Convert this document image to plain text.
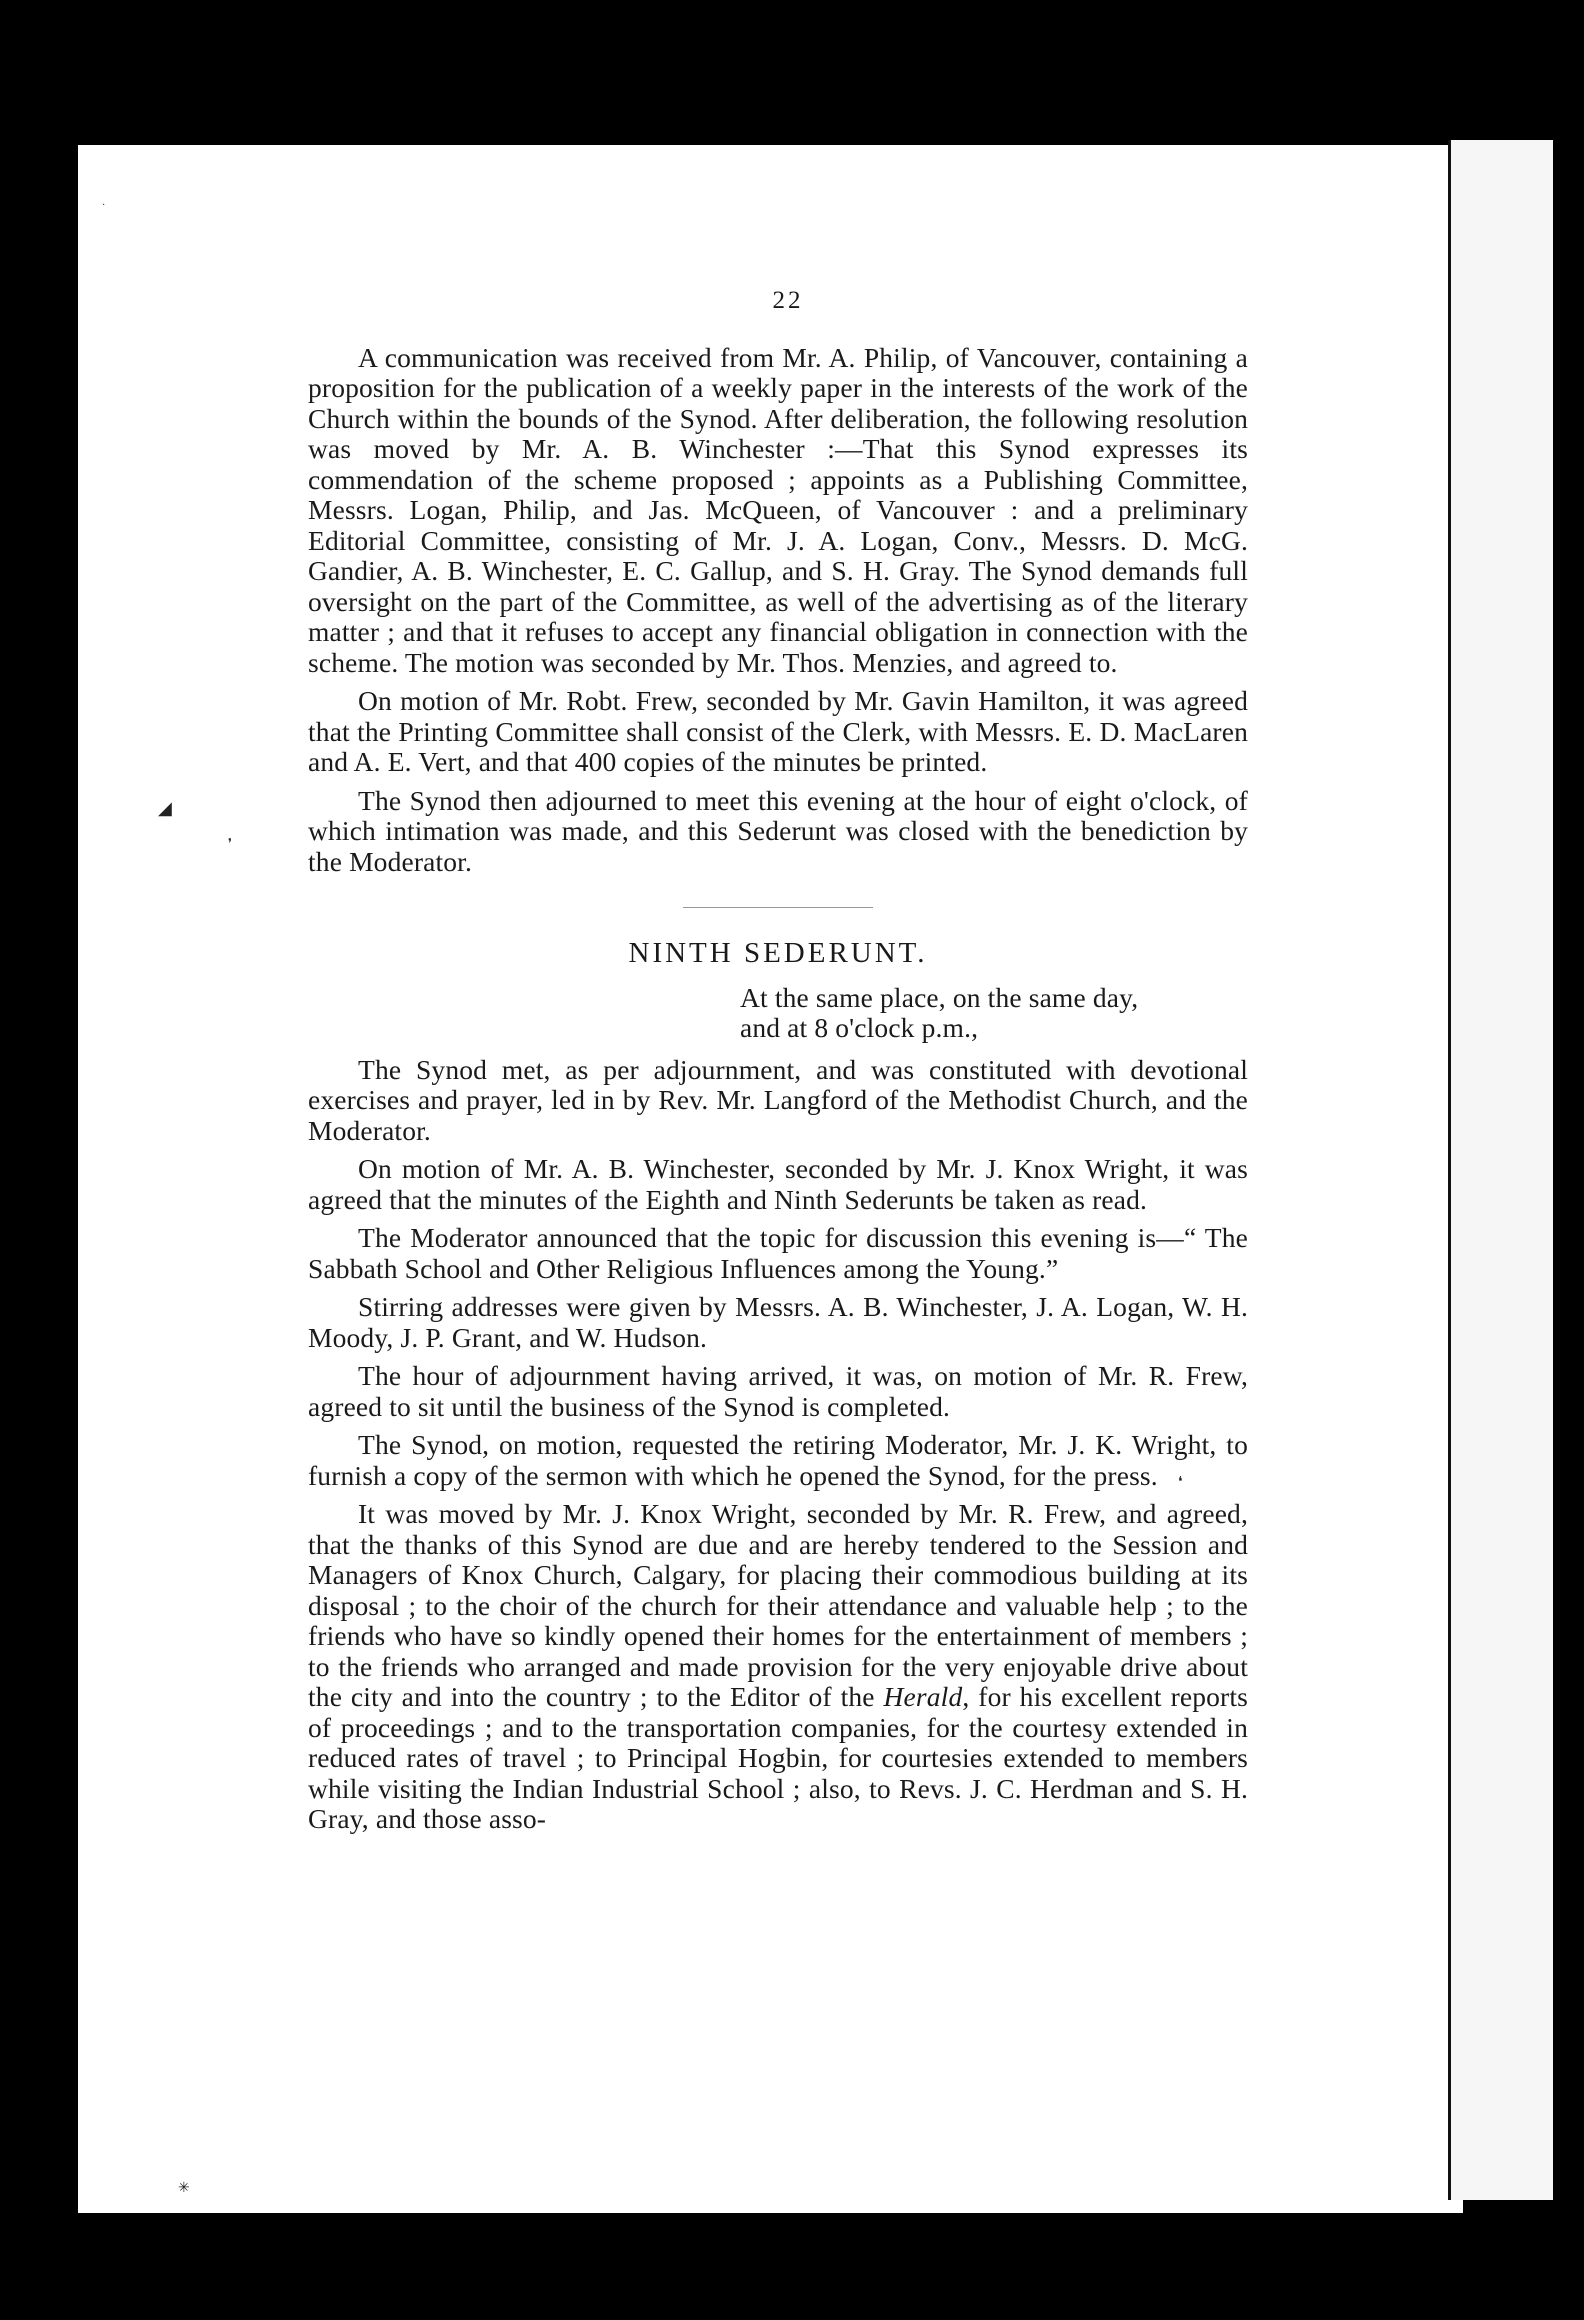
◢
❜
·
✳
❛
22

A communication was received from Mr. A. Philip, of Vancouver, containing a proposition for the publication of a weekly paper in the interests of the work of the Church within the bounds of the Synod. After deliberation, the following resolution was moved by Mr. A. B. Winchester :—That this Synod expresses its commendation of the scheme proposed ; appoints as a Publishing Committee, Messrs. Logan, Philip, and Jas. McQueen, of Vancouver : and a preliminary Editorial Committee, consisting of Mr. J. A. Logan, Conv., Messrs. D. McG. Gandier, A. B. Winchester, E. C. Gallup, and S. H. Gray. The Synod demands full oversight on the part of the Committee, as well of the advertising as of the literary matter ; and that it refuses to accept any financial obligation in connection with the scheme. The motion was seconded by Mr. Thos. Menzies, and agreed to.

On motion of Mr. Robt. Frew, seconded by Mr. Gavin Hamilton, it was agreed that the Printing Committee shall consist of the Clerk, with Messrs. E. D. MacLaren and A. E. Vert, and that 400 copies of the minutes be printed.

The Synod then adjourned to meet this evening at the hour of eight o'clock, of which intimation was made, and this Sederunt was closed with the benediction by the Moderator.

NINTH SEDERUNT.
At the same place, on the same day,
and at 8 o'clock p.m.,

The Synod met, as per adjournment, and was constituted with devotional exercises and prayer, led in by Rev. Mr. Langford of the Methodist Church, and the Moderator.

On motion of Mr. A. B. Winchester, seconded by Mr. J. Knox Wright, it was agreed that the minutes of the Eighth and Ninth Sederunts be taken as read.

The Moderator announced that the topic for discussion this evening is—“ The Sabbath School and Other Religious Influences among the Young.”

Stirring addresses were given by Messrs. A. B. Winchester, J. A. Logan, W. H. Moody, J. P. Grant, and W. Hudson.

The hour of adjournment having arrived, it was, on motion of Mr. R. Frew, agreed to sit until the business of the Synod is completed.

The Synod, on motion, requested the retiring Moderator, Mr. J. K. Wright, to furnish a copy of the sermon with which he opened the Synod, for the press.

It was moved by Mr. J. Knox Wright, seconded by Mr. R. Frew, and agreed, that the thanks of this Synod are due and are hereby tendered to the Session and Managers of Knox Church, Calgary, for placing their commodious building at its disposal ; to the choir of the church for their attendance and valuable help ; to the friends who have so kindly opened their homes for the entertainment of members ; to the friends who arranged and made provision for the very enjoyable drive about the city and into the country ; to the Editor of the Herald, for his excellent reports of proceedings ; and to the transportation companies, for the courtesy extended in reduced rates of travel ; to Principal Hogbin, for courtesies extended to members while visiting the Indian Industrial School ; also, to Revs. J. C. Herdman and S. H. Gray, and those asso-
